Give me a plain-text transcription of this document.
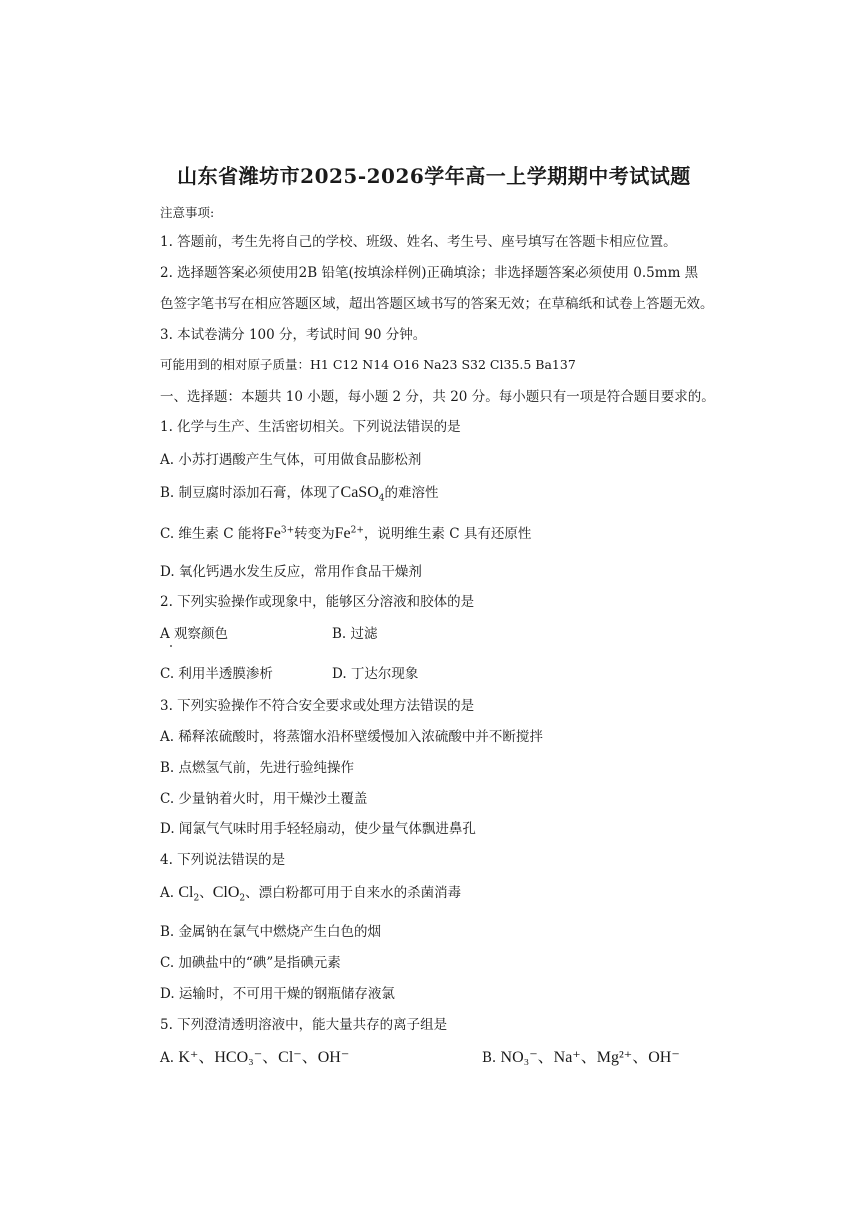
山东省潍坊市2025-2026学年高一上学期期中考试试题
注意事项:
1. 答题前，考生先将自己的学校、班级、姓名、考生号、座号填写在答题卡相应位置。
2. 选择题答案必须使用2B 铅笔(按填涂样例)正确填涂；非选择题答案必须使用 0.5mm 黑
色签字笔书写在相应答题区域，超出答题区域书写的答案无效；在草稿纸和试卷上答题无效。
3. 本试卷满分 100 分，考试时间 90 分钟。
可能用到的相对原子质量：H1 C12 N14 O16 Na23 S32 Cl35.5 Ba137
一、选择题：本题共 10 小题，每小题 2 分，共 20 分。每小题只有一项是符合题目要求的。
1. 化学与生产、生活密切相关。下列说法错误的是
A. 小苏打遇酸产生气体，可用做食品膨松剂
B. 制豆腐时添加石膏，体现了CaSO$_4$的难溶性
C. 维生素 C 能将$Fe^{3+}$转变为$Fe^{2+}$，说明维生素 C 具有还原性
D. 氧化钙遇水发生反应，常用作食品干燥剂
2. 下列实验操作或现象中，能够区分溶液和胶体的是
A 观察颜色	B. 过滤
C. 利用半透膜渗析	D. 丁达尔现象
3. 下列实验操作不符合安全要求或处理方法错误的是
A. 稀释浓硫酸时，将蒸馏水沿杯壁缓慢加入浓硫酸中并不断搅拌
B. 点燃氢气前，先进行验纯操作
C. 少量钠着火时，用干燥沙土覆盖
D. 闻氯气气味时用手轻轻扇动，使少量气体飘进鼻孔
4. 下列说法错误的是
A. $Cl_2$、ClO$_2$、漂白粉都可用于自来水的杀菌消毒
B. 金属钠在氯气中燃烧产生白色的烟
C. 加碘盐中的“碘”是指碘元素
D. 运输时，不可用干燥的钢瓶储存液氯
5. 下列澄清透明溶液中，能大量共存的离子组是
A. K⁺、HCO₃⁻、Cl⁻、OH⁻	B. NO₃⁻、Na⁺、Mg²⁺、OH⁻
